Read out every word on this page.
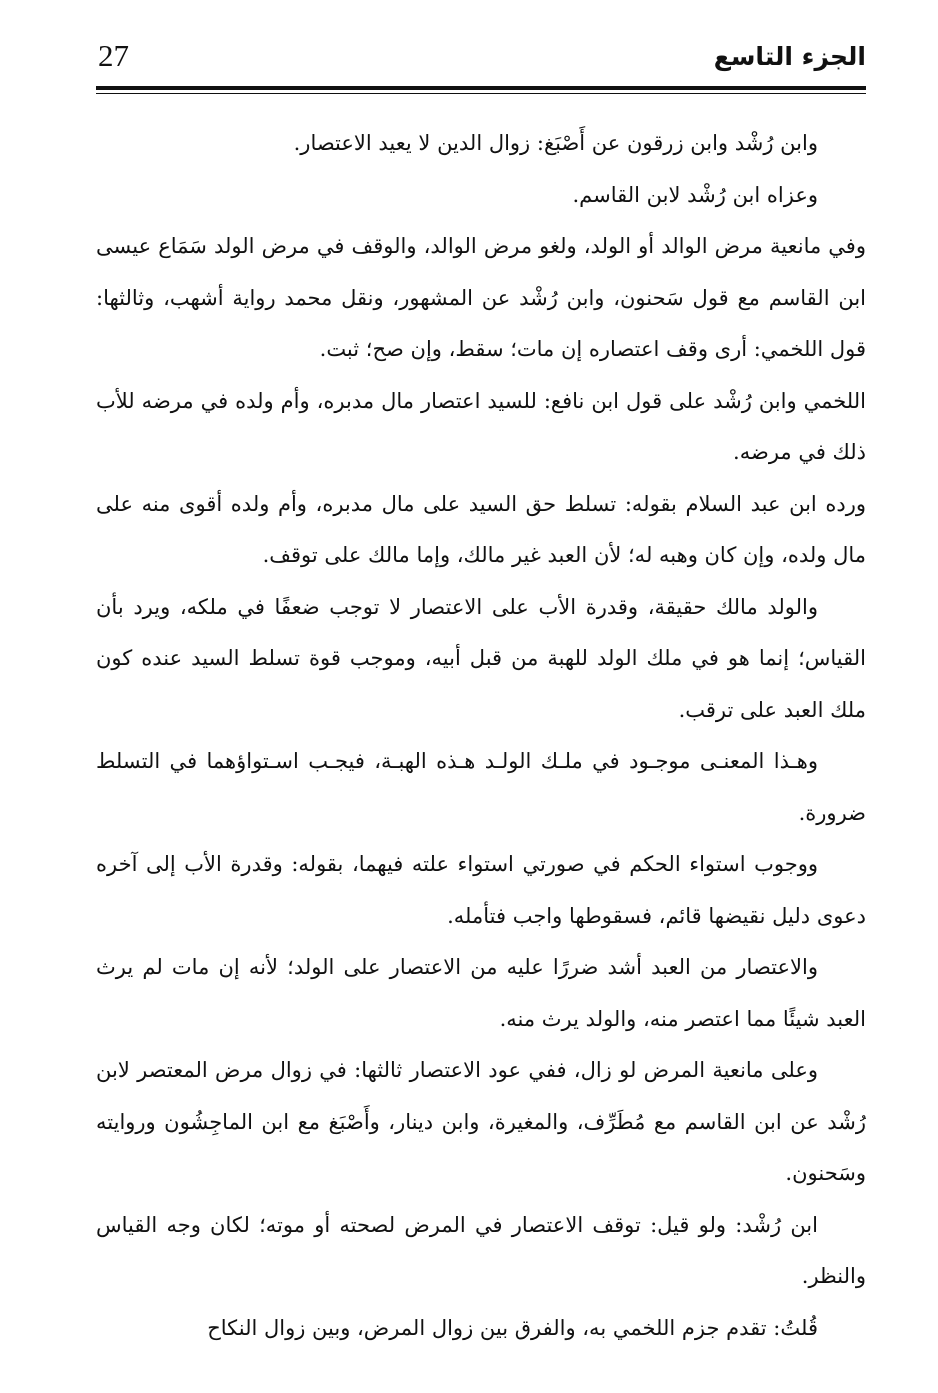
27	الجزء التاسع

وابن رُشْد وابن زرقون عن أَصْبَغ: زوال الدين لا يعيد الاعتصار.

وعزاه ابن رُشْد لابن القاسم.

وفي مانعية مرض الوالد أو الولد، ولغو مرض الوالد، والوقف في مرض الولد سَمَاع عيسى ابن القاسم مع قول سَحنون، وابن رُشْد عن المشهور، ونقل محمد رواية أشهب، وثالثها: قول اللخمي: أرى وقف اعتصاره إن مات؛ سقط، وإن صح؛ ثبت.

اللخمي وابن رُشْد على قول ابن نافع: للسيد اعتصار مال مدبره، وأم ولده في مرضه للأب ذلك في مرضه.

ورده ابن عبد السلام بقوله: تسلط حق السيد على مال مدبره، وأم ولده أقوى منه على مال ولده، وإن كان وهبه له؛ لأن العبد غير مالك، وإما مالك على توقف.

والولد مالك حقيقة، وقدرة الأب على الاعتصار لا توجب ضعفًا في ملكه، ويرد بأن القياس؛ إنما هو في ملك الولد للهبة من قبل أبيه، وموجب قوة تسلط السيد عنده كون ملك العبد على ترقب.

وهـذا المعنـى موجـود في ملـك الولـد هـذه الهبـة، فيجـب اسـتواؤهما في التسلط ضرورة.

ووجوب استواء الحكم في صورتي استواء علته فيهما، بقوله: وقدرة الأب إلى آخره دعوى دليل نقيضها قائم، فسقوطها واجب فتأمله.

والاعتصار من العبد أشد ضررًا عليه من الاعتصار على الولد؛ لأنه إن مات لم يرث العبد شيئًا مما اعتصر منه، والولد يرث منه.

وعلى مانعية المرض لو زال، ففي عود الاعتصار ثالثها: في زوال مرض المعتصر لابن رُشْد عن ابن القاسم مع مُطَرِّف، والمغيرة، وابن دينار، وأَصْبَغ مع ابن الماجِشُون وروايته وسَحنون.

ابن رُشْد: ولو قيل: توقف الاعتصار في المرض لصحته أو موته؛ لكان وجه القياس والنظر.

قُلتُ: تقدم جزم اللخمي به، والفرق بين زوال المرض، وبين زوال النكاح
